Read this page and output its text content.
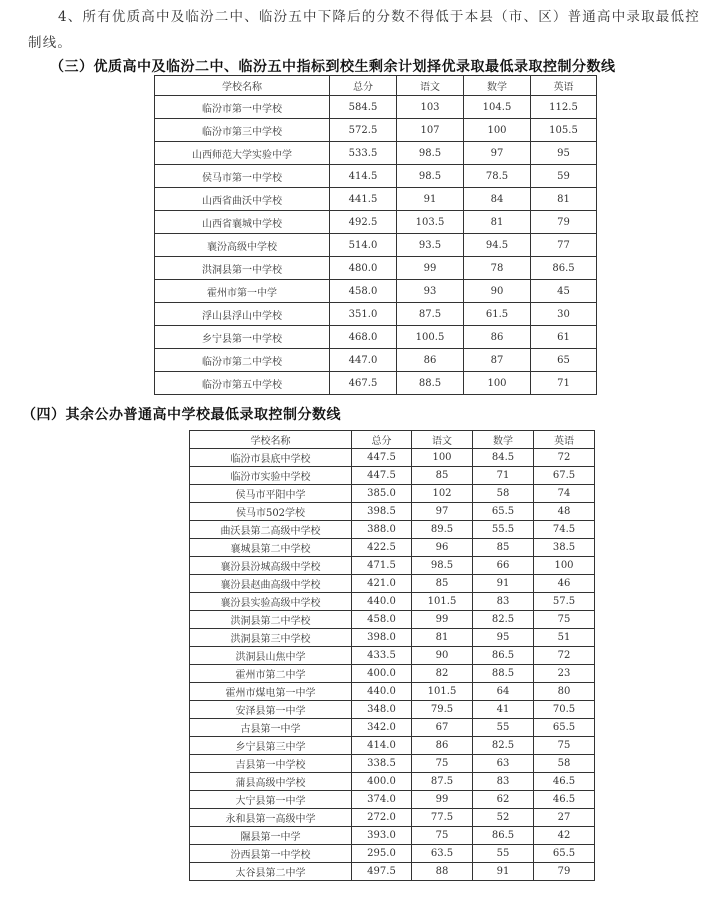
4、所有优质高中及临汾二中、临汾五中下降后的分数不得低于本县（市、区）普通高中录取最低控制线。
（三）优质高中及临汾二中、临汾五中指标到校生剩余计划择优录取最低录取控制分数线
学校名称	总分	语文	数学	英语
临汾市第一中学校	584.5	103	104.5	112.5
临汾市第三中学校	572.5	107	100	105.5
山西师范大学实验中学	533.5	98.5	97	95
侯马市第一中学校	414.5	98.5	78.5	59
山西省曲沃中学校	441.5	91	84	81
山西省襄城中学校	492.5	103.5	81	79
襄汾高级中学校	514.0	93.5	94.5	77
洪洞县第一中学校	480.0	99	78	86.5
霍州市第一中学	458.0	93	90	45
浮山县浮山中学校	351.0	87.5	61.5	30
乡宁县第一中学校	468.0	100.5	86	61
临汾市第二中学校	447.0	86	87	65
临汾市第五中学校	467.5	88.5	100	71
（四）其余公办普通高中学校最低录取控制分数线
学校名称	总分	语文	数学	英语
临汾市县底中学校	447.5	100	84.5	72
临汾市实验中学校	447.5	85	71	67.5
侯马市平阳中学	385.0	102	58	74
侯马市502学校	398.5	97	65.5	48
曲沃县第二高级中学校	388.0	89.5	55.5	74.5
襄城县第二中学校	422.5	96	85	38.5
襄汾县汾城高级中学校	471.5	98.5	66	100
襄汾县赵曲高级中学校	421.0	85	91	46
襄汾县实验高级中学校	440.0	101.5	83	57.5
洪洞县第二中学校	458.0	99	82.5	75
洪洞县第三中学校	398.0	81	95	51
洪洞县山焦中学	433.5	90	86.5	72
霍州市第二中学	400.0	82	88.5	23
霍州市煤电第一中学	440.0	101.5	64	80
安泽县第一中学	348.0	79.5	41	70.5
古县第一中学	342.0	67	55	65.5
乡宁县第三中学	414.0	86	82.5	75
吉县第一中学校	338.5	75	63	58
蒲县高级中学校	400.0	87.5	83	46.5
大宁县第一中学	374.0	99	62	46.5
永和县第一高级中学	272.0	77.5	52	27
隰县第一中学	393.0	75	86.5	42
汾西县第一中学校	295.0	63.5	55	65.5
太谷县第二中学	497.5	88	91	79
